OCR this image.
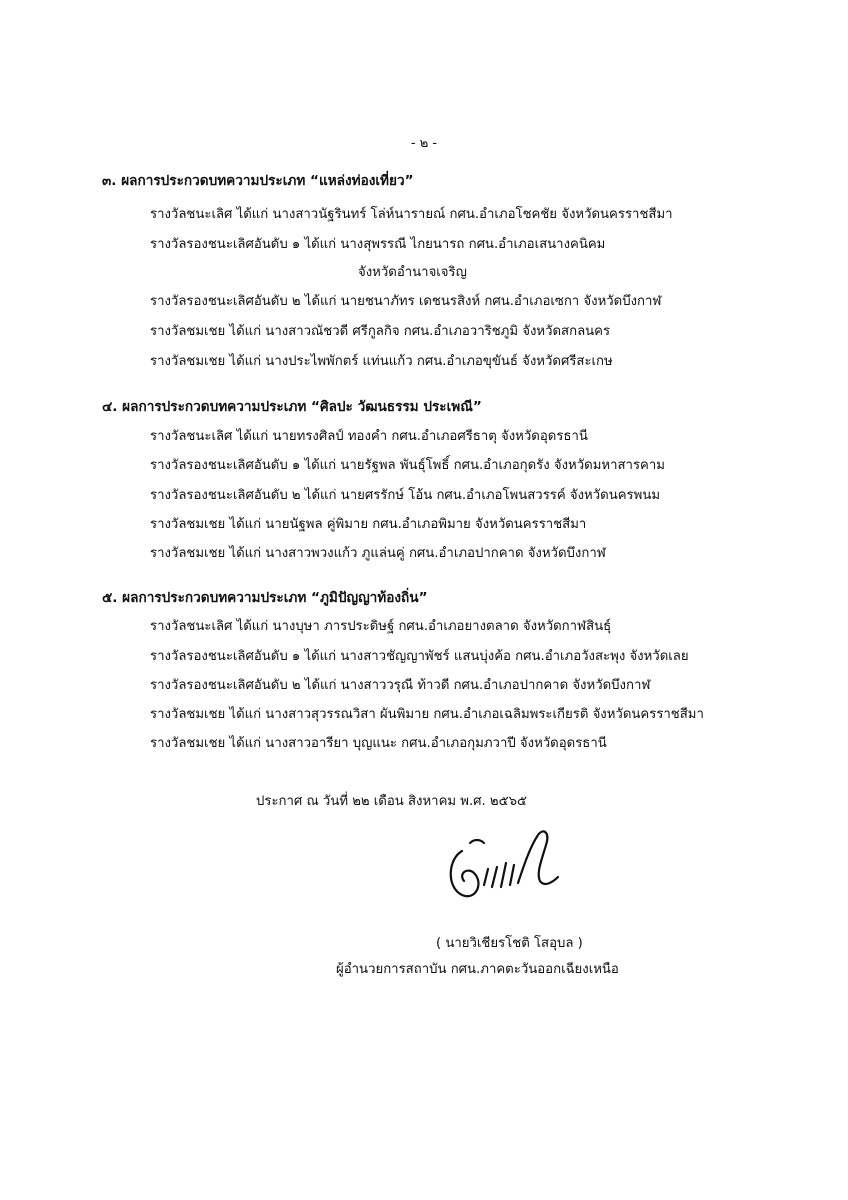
- ๒ -
๓. ผลการประกวดบทความประเภท “แหล่งท่องเที่ยว”
รางวัลชนะเลิศ ได้แก่ นางสาวนัฐรินทร์ โล่ห์นารายณ์ กศน.อำเภอโชคชัย จังหวัดนครราชสีมา
รางวัลรองชนะเลิศอันดับ ๑ ได้แก่ นางสุพรรณี ไกยนารถ กศน.อำเภอเสนางคนิคม
จังหวัดอำนาจเจริญ
รางวัลรองชนะเลิศอันดับ ๒ ได้แก่ นายชนาภัทร เดชนรสิงห์ กศน.อำเภอเซกา จังหวัดบึงกาฬ
รางวัลชมเชย ได้แก่ นางสาวณัชวดี ศรีกูลกิจ กศน.อำเภอวาริชภูมิ จังหวัดสกลนคร
รางวัลชมเชย ได้แก่ นางประไพพักตร์ แท่นแก้ว กศน.อำเภอขุขันธ์ จังหวัดศรีสะเกษ
๔. ผลการประกวดบทความประเภท “ศิลปะ วัฒนธรรม ประเพณี”
รางวัลชนะเลิศ ได้แก่ นายทรงศิลป์ ทองคำ กศน.อำเภอศรีธาตุ จังหวัดอุดรธานี
รางวัลรองชนะเลิศอันดับ ๑ ได้แก่ นายรัฐพล พันธุ์โพธิ์ กศน.อำเภอกุดรัง จังหวัดมหาสารคาม
รางวัลรองชนะเลิศอันดับ ๒ ได้แก่ นายศรรักษ์ โอ้น กศน.อำเภอโพนสวรรค์ จังหวัดนครพนม
รางวัลชมเชย ได้แก่ นายนัฐพล คู่พิมาย กศน.อำเภอพิมาย จังหวัดนครราชสีมา
รางวัลชมเชย ได้แก่ นางสาวพวงแก้ว ภูแล่นคู่ กศน.อำเภอปากคาด จังหวัดบึงกาฬ
๕. ผลการประกวดบทความประเภท “ภูมิปัญญาท้องถิ่น”
รางวัลชนะเลิศ ได้แก่ นางบุษา ภารประดิษฐ์ กศน.อำเภอยางตลาด จังหวัดกาฬสินธุ์
รางวัลรองชนะเลิศอันดับ ๑ ได้แก่ นางสาวชัญญาพัชร์ แสนบุ่งค้อ กศน.อำเภอวังสะพุง จังหวัดเลย
รางวัลรองชนะเลิศอันดับ ๒ ได้แก่ นางสาววรุณี ท้าวดี กศน.อำเภอปากคาด จังหวัดบึงกาฬ
รางวัลชมเชย ได้แก่ นางสาวสุวรรณวิสา ผันพิมาย กศน.อำเภอเฉลิมพระเกียรติ จังหวัดนครราชสีมา
รางวัลชมเชย ได้แก่ นางสาวอารียา บุญแนะ กศน.อำเภอกุมภวาปี จังหวัดอุดรธานี
ประกาศ ณ วันที่ ๒๒ เดือน สิงหาคม พ.ศ. ๒๕๖๕
( นายวิเชียรโชติ โสอุบล )
ผู้อำนวยการสถาบัน กศน.ภาคตะวันออกเฉียงเหนือ
